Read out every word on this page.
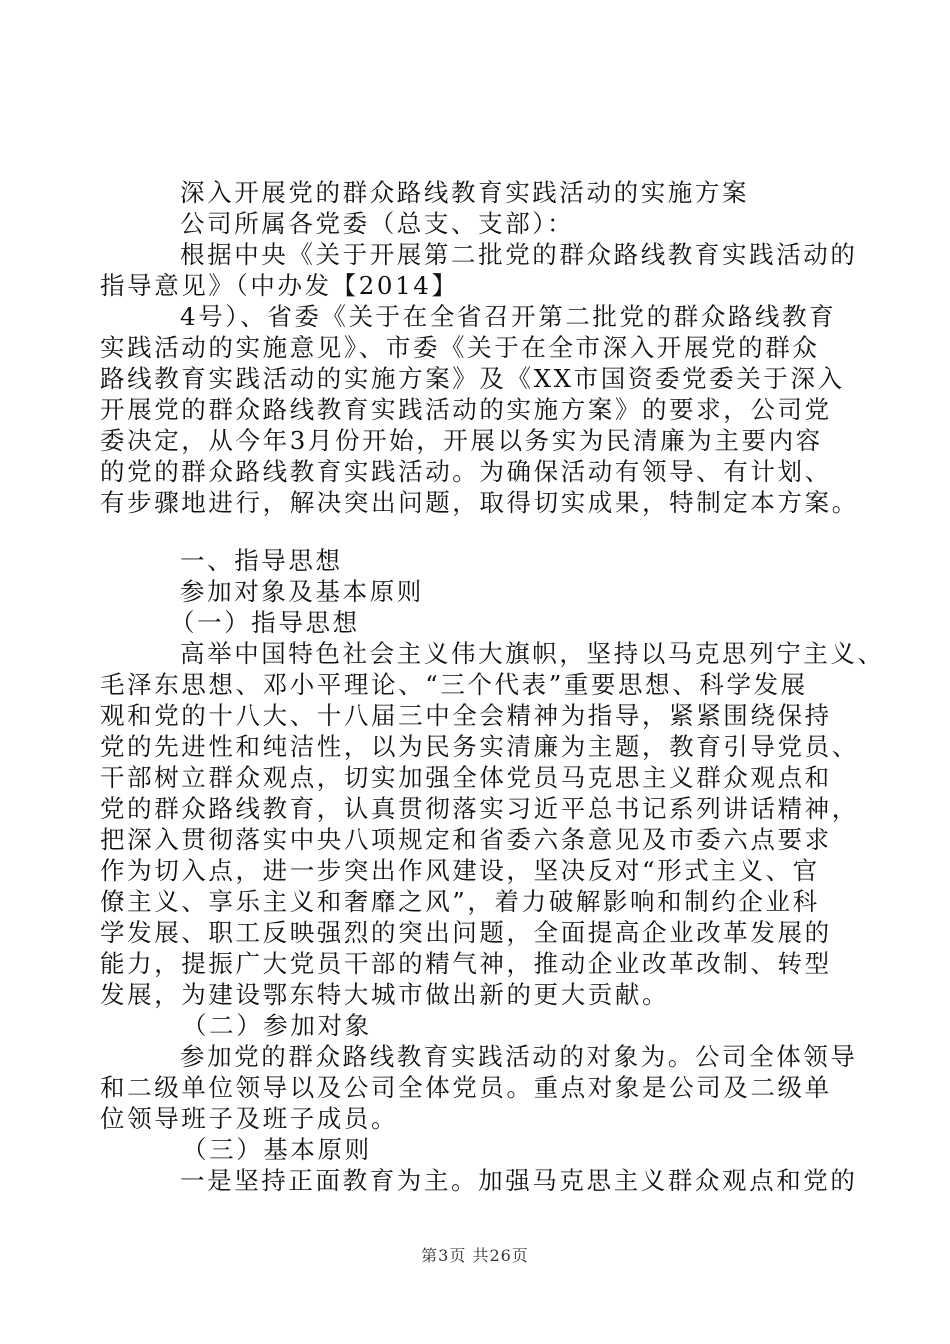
深入开展党的群众路线教育实践活动的实施方案
公司所属各党委（总支、支部）：
根据中央《关于开展第二批党的群众路线教育实践活动的
指导意见》（中办发【2014】
4号）、省委《关于在全省召开第二批党的群众路线教育
实践活动的实施意见》、市委《关于在全市深入开展党的群众
路线教育实践活动的实施方案》及《XX市国资委党委关于深入
开展党的群众路线教育实践活动的实施方案》的要求，公司党
委决定，从今年3月份开始，开展以务实为民清廉为主要内容
的党的群众路线教育实践活动。为确保活动有领导、有计划、
有步骤地进行，解决突出问题，取得切实成果，特制定本方案。
一、指导思想
参加对象及基本原则
（一）指导思想
高举中国特色社会主义伟大旗帜，坚持以马克思列宁主义、
毛泽东思想、邓小平理论、“三个代表”重要思想、科学发展
观和党的十八大、十八届三中全会精神为指导，紧紧围绕保持
党的先进性和纯洁性，以为民务实清廉为主题，教育引导党员、
干部树立群众观点，切实加强全体党员马克思主义群众观点和
党的群众路线教育，认真贯彻落实习近平总书记系列讲话精神，
把深入贯彻落实中央八项规定和省委六条意见及市委六点要求
作为切入点，进一步突出作风建设，坚决反对“形式主义、官
僚主义、享乐主义和奢靡之风”，着力破解影响和制约企业科
学发展、职工反映强烈的突出问题，全面提高企业改革发展的
能力，提振广大党员干部的精气神，推动企业改革改制、转型
发展，为建设鄂东特大城市做出新的更大贡献。
（二）参加对象
参加党的群众路线教育实践活动的对象为。公司全体领导
和二级单位领导以及公司全体党员。重点对象是公司及二级单
位领导班子及班子成员。
（三）基本原则
一是坚持正面教育为主。加强马克思主义群众观点和党的
第3页 共26页
